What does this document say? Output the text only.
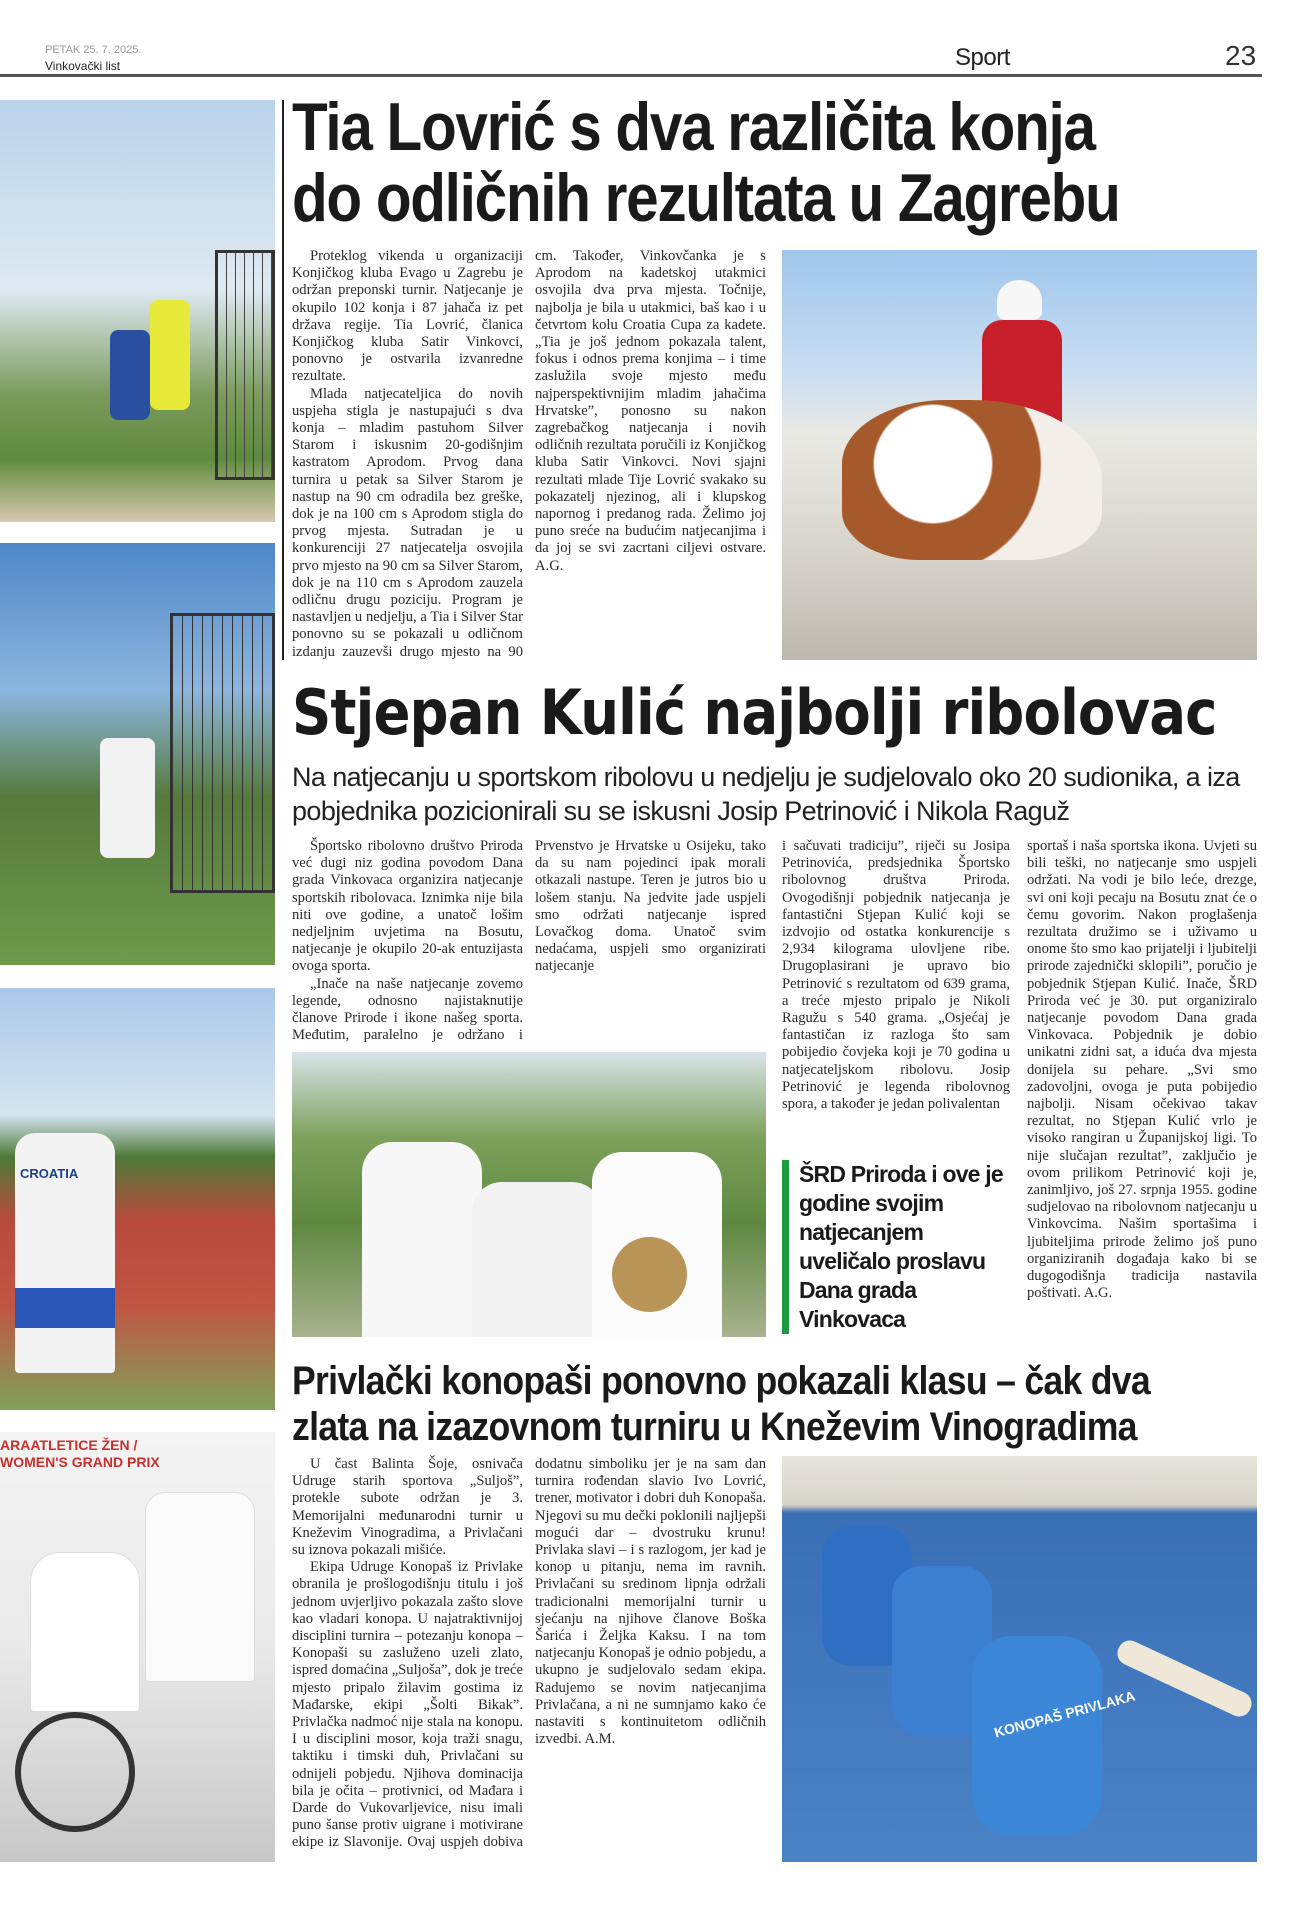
PETAK 25. 7. 2025.
Vinkovački list	Sport	23
CROATIA
ARAATLETICE ŽEN / WOMEN'S GRAND PRIX
Tia Lovrić s dva različita konja
do odličnih rezultata u Zagrebu

Proteklog vikenda u organizaciji Konjičkog kluba Evago u Zagrebu je održan preponski turnir. Natjecanje je okupilo 102 konja i 87 jahača iz pet država regije. Tia Lovrić, članica Konjičkog kluba Satir Vinkovci, ponovno je ostvarila izvanredne rezultate.

Mlada natjecateljica do novih uspjeha stigla je nastupajući s dva konja – mladim pastuhom Silver Starom i iskusnim 20-godišnjim kastratom Aprodom. Prvog dana turnira u petak sa Silver Starom je nastup na 90 cm odradila bez greške, dok je na 100 cm s Aprodom stigla do prvog mjesta. Sutradan je u konkurenciji 27 natjecatelja osvojila prvo mjesto na 90 cm sa Silver Starom, dok je na 110 cm s Aprodom zauzela odličnu drugu poziciju. Program je nastavljen u nedjelju, a Tia i Silver Star ponovno su se pokazali u odličnom izdanju zauzevši drugo mjesto na 90 cm. Također, Vinkovčanka je s Aprodom na kadetskoj utakmici osvojila dva prva mjesta. Točnije, najbolja je bila u utakmici, baš kao i u četvrtom kolu Croatia Cupa za kadete. „Tia je još jednom pokazala talent, fokus i odnos prema konjima – i time zaslužila svoje mjesto među najperspektivnijim mladim jahačima Hrvatske”, ponosno su nakon zagrebačkog natjecanja i novih odličnih rezultata poručili iz Konjičkog kluba Satir Vinkovci. Novi sjajni rezultati mlade Tije Lovrić svakako su pokazatelj njezinog, ali i klupskog napornog i predanog rada. Želimo joj puno sreće na budućim natjecanjima i da joj se svi zacrtani ciljevi ostvare. A.G.

Stjepan Kulić najbolji ribolovac
Na natjecanju u sportskom ribolovu u nedjelju je sudjelovalo oko 20 sudionika, a iza pobjednika pozicionirali su se iskusni Josip Petrinović i Nikola Raguž

Športsko ribolovno društvo Priroda već dugi niz godina povodom Dana grada Vinkovaca organizira natjecanje sportskih ribolovaca. Iznimka nije bila niti ove godine, a unatoč lošim nedjeljnim uvjetima na Bosutu, natjecanje je okupilo 20-ak entuzijasta ovoga sporta.

„Inače na naše natjecanje zovemo legende, odnosno najistaknutije članove Prirode i ikone našeg sporta. Međutim, paralelno je održano i Prvenstvo je Hrvatske u Osijeku, tako da su nam pojedinci ipak morali otkazali nastupe. Teren je jutros bio u lošem stanju. Na jedvite jade uspjeli smo održati natjecanje ispred Lovačkog doma. Unatoč svim nedaćama, uspjeli smo organizirati natjecanje

i sačuvati tradiciju”, riječi su Josipa Petrinovića, predsjednika Športsko ribolovnog društva Priroda. Ovogodišnji pobjednik natjecanja je fantastični Stjepan Kulić koji se izdvojio od ostatka konkurencije s 2,934 kilograma ulovljene ribe. Drugoplasirani je upravo bio Petrinović s rezultatom od 639 grama, a treće mjesto pripalo je Nikoli Ragužu s 540 grama. „Osjećaj je fantastičan iz razloga što sam pobijedio čovjeka koji je 70 godina u natjecateljskom ribolovu. Josip Petrinović je legenda ribolovnog spora, a također je jedan polivalentan

sportaš i naša sportska ikona. Uvjeti su bili teški, no natjecanje smo uspjeli održati. Na vodi je bilo leće, drezge, svi oni koji pecaju na Bosutu znat će o čemu govorim. Nakon proglašenja rezultata družimo se i uživamo u onome što smo kao prijatelji i ljubitelji prirode zajednički sklopili”, poručio je pobjednik Stjepan Kulić. Inače, ŠRD Priroda već je 30. put organiziralo natjecanje povodom Dana grada Vinkovaca. Pobjednik je dobio unikatni zidni sat, a iduća dva mjesta donijela su pehare. „Svi smo zadovoljni, ovoga je puta pobijedio najbolji. Nisam očekivao takav rezultat, no Stjepan Kulić vrlo je visoko rangiran u Županijskoj ligi. To nije slučajan rezultat”, zaključio je ovom prilikom Petrinović koji je, zanimljivo, još 27. srpnja 1955. godine sudjelovao na ribolovnom natjecanju u Vinkovcima. Našim sportašima i ljubiteljima prirode želimo još puno organiziranih događaja kako bi se dugogodišnja tradicija nastavila poštivati. A.G.

ŠRD Priroda i ove je godine svojim natjecanjem uveličalo proslavu Dana grada Vinkovaca
Privlački konopaši ponovno pokazali klasu – čak dva
zlata na izazovnom turniru u Kneževim Vinogradima

U čast Balinta Šoje, osnivača Udruge starih sportova „Suljoš”, protekle subote održan je 3. Memorijalni međunarodni turnir u Kneževim Vinogradima, a Privlačani su iznova pokazali mišiće.

Ekipa Udruge Konopaš iz Privlake obranila je prošlogodišnju titulu i još jednom uvjerljivo pokazala zašto slove kao vladari konopa. U najatraktivnijoj disciplini turnira – potezanju konopa – Konopaši su zasluženo uzeli zlato, ispred domaćina „Suljoša”, dok je treće mjesto pripalo žilavim gostima iz Mađarske, ekipi „Šolti Bikak”. Privlačka nadmoć nije stala na konopu. I u disciplini mosor, koja traži snagu, taktiku i timski duh, Privlačani su odnijeli pobjedu. Njihova dominacija bila je očita – protivnici, od Mađara i Darde do Vukovarljevice, nisu imali puno šanse protiv uigrane i motivirane ekipe iz Slavonije. Ovaj uspjeh dobiva dodatnu simboliku jer je na sam dan turnira rođendan slavio Ivo Lovrić, trener, motivator i dobri duh Konopaša. Njegovi su mu dečki poklonili najljepši mogući dar – dvostruku krunu! Privlaka slavi – i s razlogom, jer kad je konop u pitanju, nema im ravnih. Privlačani su sredinom lipnja održali tradicionalni memorijalni turnir u sjećanju na njihove članove Boška Šarića i Željka Kaksu. I na tom natjecanju Konopaš je odnio pobjedu, a ukupno je sudjelovalo sedam ekipa. Radujemo se novim natjecanjima Privlačana, a ni ne sumnjamo kako će nastaviti s kontinuitetom odličnih izvedbi. A.M.	KONOPAŠ PRIVLAKA
